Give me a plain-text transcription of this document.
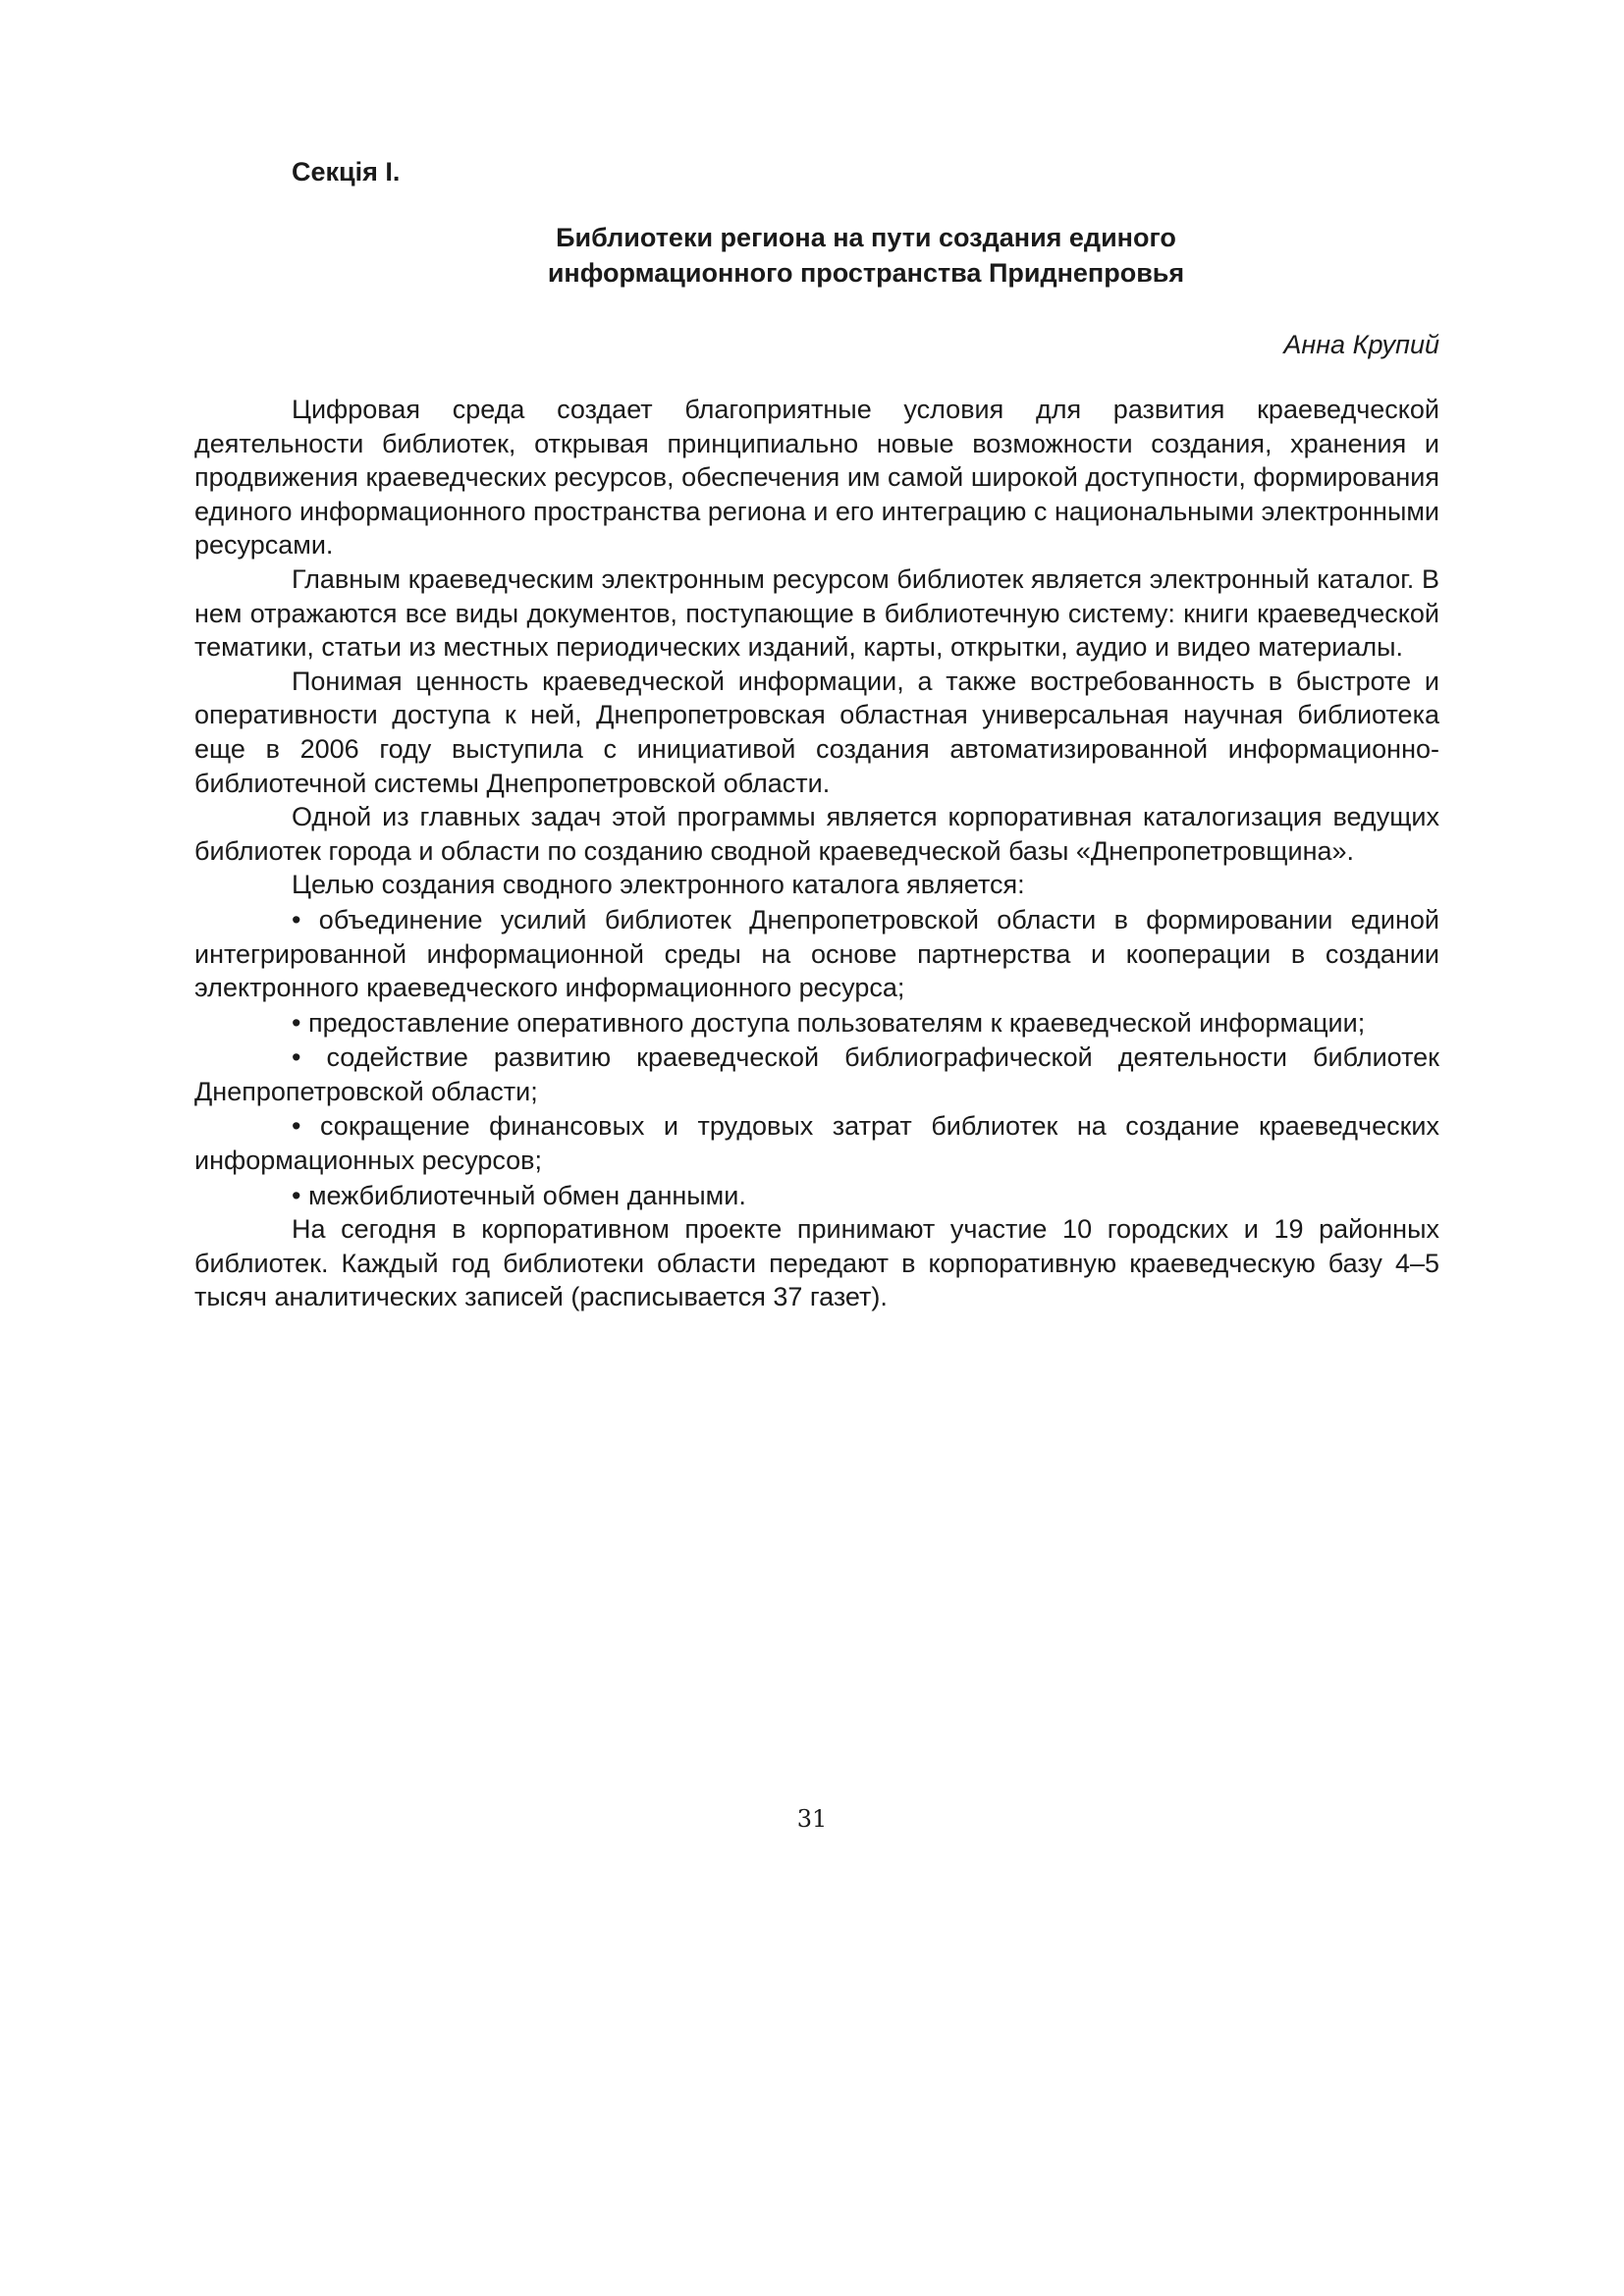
Секція І.

Библиотеки региона на пути создания единого
информационного пространства Приднепровья

Анна Крупий

Цифровая среда создает благоприятные условия для развития краеведческой деятельности библиотек, открывая принципиально новые возможности создания, хранения и продвижения краеведческих ресурсов, обеспечения им самой широкой доступности, формирования единого информационного пространства региона и его интеграцию с национальными электронными ресурсами.

Главным краеведческим электронным ресурсом библиотек является электронный каталог. В нем отражаются все виды документов, поступающие в библиотечную систему: книги краеведческой тематики, статьи из местных периодических изданий, карты, открытки, аудио и видео материалы.

Понимая ценность краеведческой информации, а также востребованность в быстроте и оперативности доступа к ней, Днепропетровская областная универсальная научная библиотека еще в 2006 году выступила с инициативой создания автоматизированной информационно-библиотечной системы Днепропетровской области.

Одной из главных задач этой программы является корпоративная каталогизация ведущих библиотек города и области по созданию сводной краеведческой базы «Днепропетровщина».

Целью создания сводного электронного каталога является:

• объединение усилий библиотек Днепропетровской области в формировании единой интегрированной информационной среды на основе партнерства и кооперации в создании электронного краеведческого информационного ресурса;

• предоставление оперативного доступа пользователям к краеведческой информации;

• содействие развитию краеведческой библиографической деятельности библиотек Днепропетровской области;

• сокращение финансовых и трудовых затрат библиотек на создание краеведческих информационных ресурсов;

• межбиблиотечный обмен данными.

На сегодня в корпоративном проекте принимают участие 10 городских и 19 районных библиотек. Каждый год библиотеки области передают в корпоративную краеведческую базу 4–5 тысяч аналитических записей (расписывается 37 газет).

31
